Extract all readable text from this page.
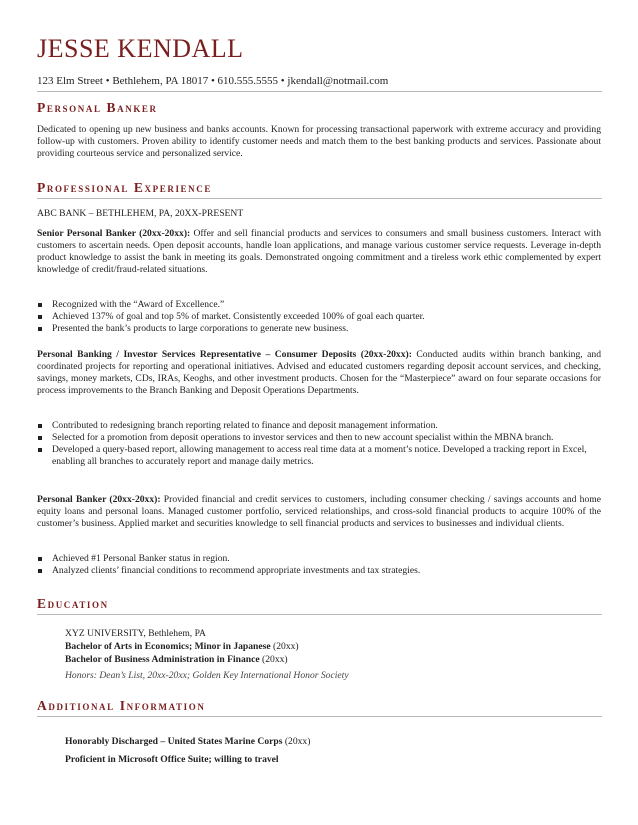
JESSE KENDALL
123 Elm Street • Bethlehem, PA 18017 • 610.555.5555 • jkendall@notmail.com
Personal Banker

Dedicated to opening up new business and banks accounts. Known for processing transactional paperwork with extreme accuracy and providing follow-up with customers. Proven ability to identify customer needs and match them to the best banking products and services. Passionate about providing courteous service and personalized service.

Professional Experience
ABC BANK – BETHLEHEM, PA, 20XX-PRESENT

Senior Personal Banker (20xx-20xx): Offer and sell financial products and services to consumers and small business customers. Interact with customers to ascertain needs. Open deposit accounts, handle loan applications, and manage various customer service requests. Leverage in-depth product knowledge to assist the bank in meeting its goals. Demonstrated ongoing commitment and a tireless work ethic complemented by expert knowledge of credit/fraud-related situations.

Recognized with the “Award of Excellence.”
Achieved 137% of goal and top 5% of market. Consistently exceeded 100% of goal each quarter.
Presented the bank’s products to large corporations to generate new business.

Personal Banking / Investor Services Representative – Consumer Deposits (20xx-20xx): Conducted audits within branch banking, and coordinated projects for reporting and operational initiatives. Advised and educated customers regarding deposit account services, and checking, savings, money markets, CDs, IRAs, Keoghs, and other investment products. Chosen for the “Masterpiece” award on four separate occasions for process improvements to the Branch Banking and Deposit Operations Departments.

Contributed to redesigning branch reporting related to finance and deposit management information.
Selected for a promotion from deposit operations to investor services and then to new account specialist within the MBNA branch.
Developed a query-based report, allowing management to access real time data at a moment’s notice. Developed a tracking report in Excel, enabling all branches to accurately report and manage daily metrics.

Personal Banker (20xx-20xx): Provided financial and credit services to customers, including consumer checking / savings accounts and home equity loans and personal loans. Managed customer portfolio, serviced relationships, and cross-sold financial products to acquire 100% of the customer’s business. Applied market and securities knowledge to sell financial products and services to businesses and individual clients.

Achieved #1 Personal Banker status in region.
Analyzed clients’ financial conditions to recommend appropriate investments and tax strategies.
Education
XYZ UNIVERSITY, Bethlehem, PA
Bachelor of Arts in Economics; Minor in Japanese (20xx)
Bachelor of Business Administration in Finance (20xx)
Honors: Dean’s List, 20xx-20xx; Golden Key International Honor Society
Additional Information
Honorably Discharged – United States Marine Corps (20xx)
Proficient in Microsoft Office Suite; willing to travel
